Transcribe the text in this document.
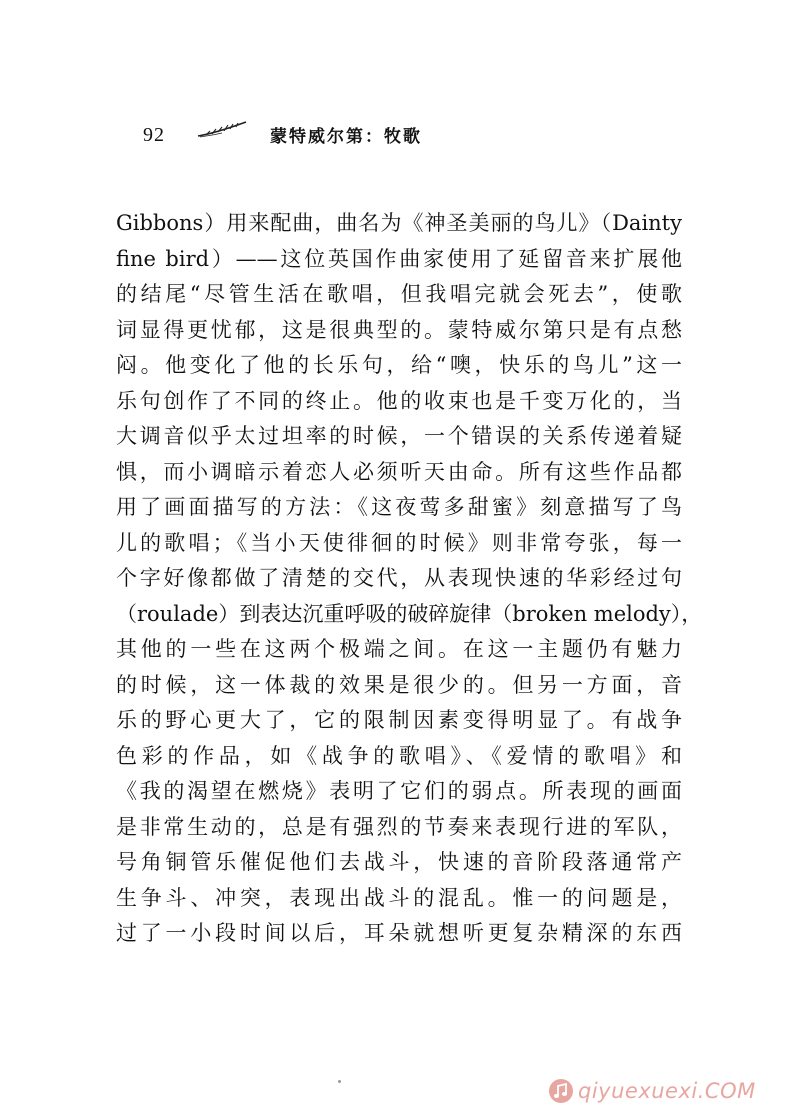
92	蒙特威尔第：牧歌
Gibbons）用来配曲，曲名为《神圣美丽的鸟儿》（Dainty
fine bird）——这位英国作曲家使用了延留音来扩展他
的结尾“尽管生活在歌唱，但我唱完就会死去”，使歌
词显得更忧郁，这是很典型的。蒙特威尔第只是有点愁
闷。他变化了他的长乐句，给“噢，快乐的鸟儿”这一
乐句创作了不同的终止。他的收束也是千变万化的，当
大调音似乎太过坦率的时候，一个错误的关系传递着疑
惧，而小调暗示着恋人必须听天由命。所有这些作品都
用了画面描写的方法：《这夜莺多甜蜜》刻意描写了鸟
儿的歌唱；《当小天使徘徊的时候》则非常夸张，每一
个字好像都做了清楚的交代，从表现快速的华彩经过句
（roulade）到表达沉重呼吸的破碎旋律（broken melody），
其他的一些在这两个极端之间。在这一主题仍有魅力
的时候，这一体裁的效果是很少的。但另一方面，音
乐的野心更大了，它的限制因素变得明显了。有战争
色彩的作品，如《战争的歌唱》、《爱情的歌唱》和
《我的渴望在燃烧》表明了它们的弱点。所表现的画面
是非常生动的，总是有强烈的节奏来表现行进的军队，
号角铜管乐催促他们去战斗，快速的音阶段落通常产
生争斗、冲突，表现出战斗的混乱。惟一的问题是，
过了一小段时间以后，耳朵就想听更复杂精深的东西
qiyuexuexi.COM
